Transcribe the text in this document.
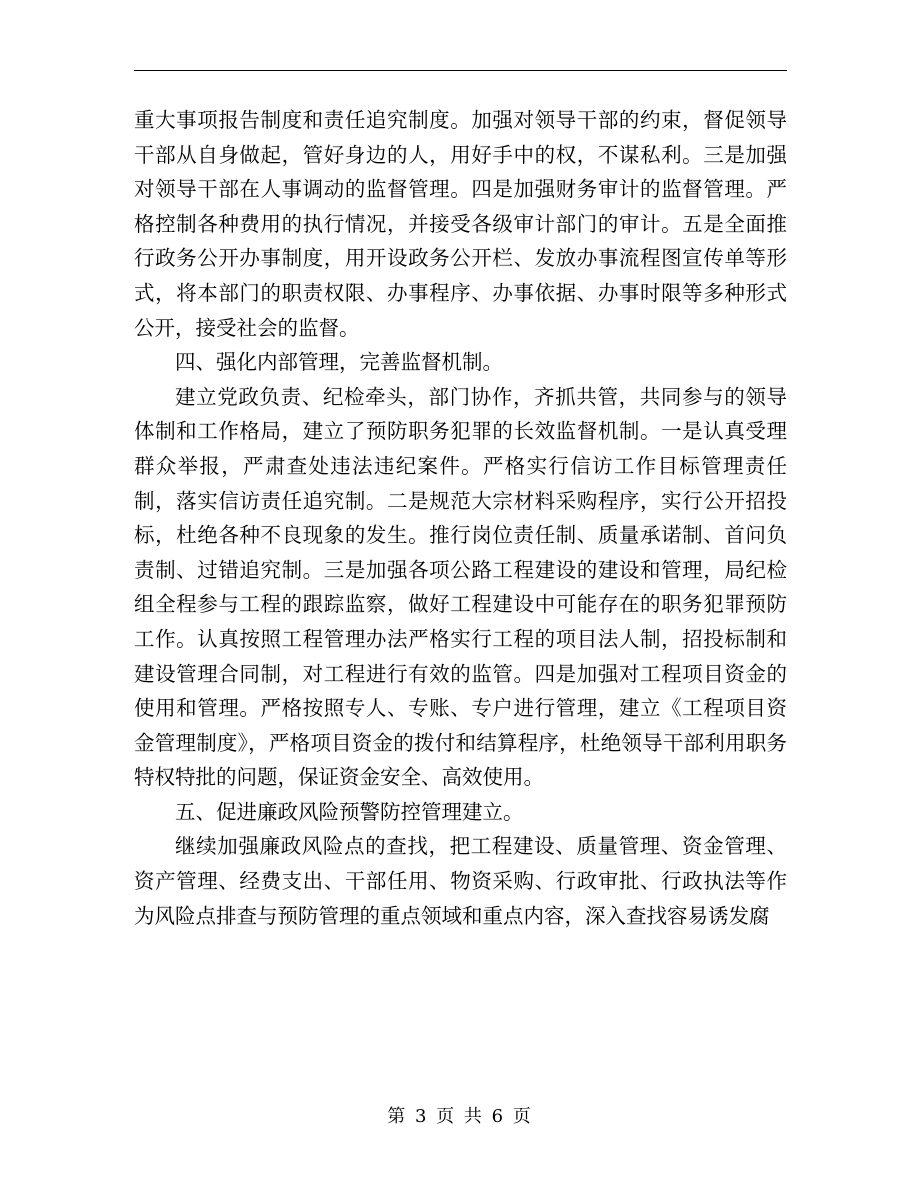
重大事项报告制度和责任追究制度。加强对领导干部的约束，督促领导干部从自身做起，管好身边的人，用好手中的权，不谋私利。三是加强对领导干部在人事调动的监督管理。四是加强财务审计的监督管理。严格控制各种费用的执行情况，并接受各级审计部门的审计。五是全面推行政务公开办事制度，用开设政务公开栏、发放办事流程图宣传单等形式，将本部门的职责权限、办事程序、办事依据、办事时限等多种形式公开，接受社会的监督。

四、强化内部管理，完善监督机制。

建立党政负责、纪检牵头，部门协作，齐抓共管，共同参与的领导体制和工作格局，建立了预防职务犯罪的长效监督机制。一是认真受理群众举报，严肃查处违法违纪案件。严格实行信访工作目标管理责任制，落实信访责任追究制。二是规范大宗材料采购程序，实行公开招投标，杜绝各种不良现象的发生。推行岗位责任制、质量承诺制、首问负责制、过错追究制。三是加强各项公路工程建设的建设和管理，局纪检组全程参与工程的跟踪监察，做好工程建设中可能存在的职务犯罪预防工作。认真按照工程管理办法严格实行工程的项目法人制，招投标制和建设管理合同制，对工程进行有效的监管。四是加强对工程项目资金的使用和管理。严格按照专人、专账、专户进行管理，建立《工程项目资金管理制度》，严格项目资金的拨付和结算程序，杜绝领导干部利用职务特权特批的问题，保证资金安全、高效使用。

五、促进廉政风险预警防控管理建立。

继续加强廉政风险点的查找，把工程建设、质量管理、资金管理、资产管理、经费支出、干部任用、物资采购、行政审批、行政执法等作为风险点排查与预防管理的重点领域和重点内容，深入查找容易诱发腐

第 3 页 共 6 页
